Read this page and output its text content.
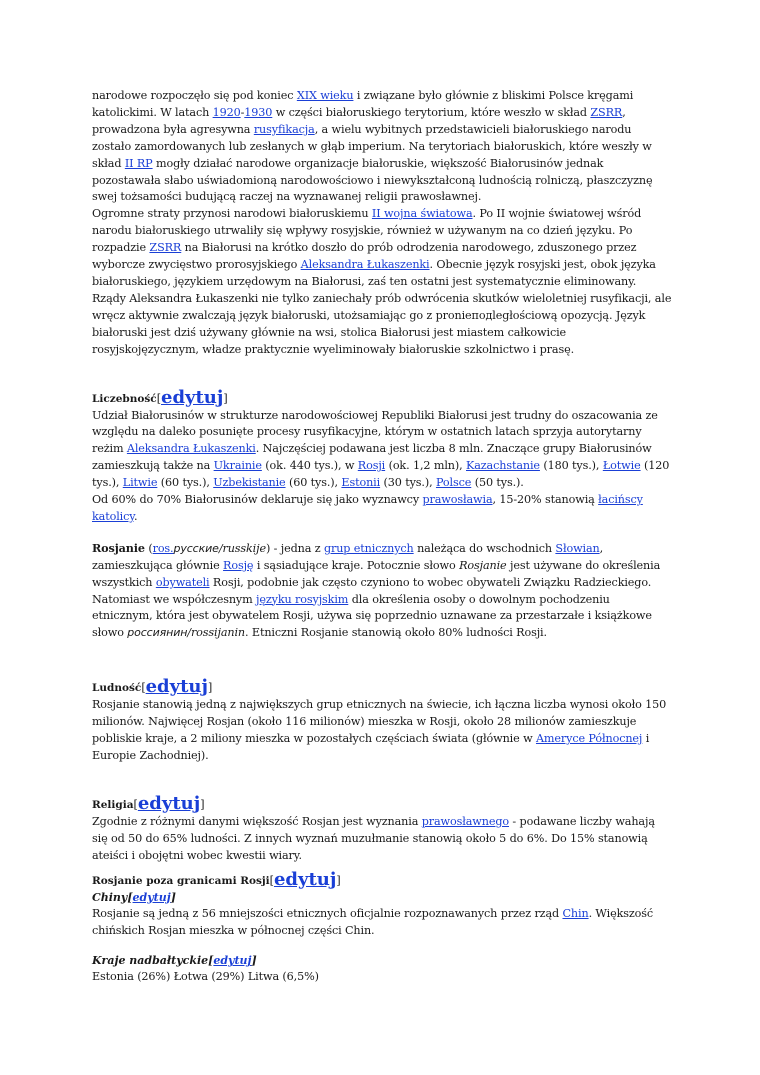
narodowe rozpoczęło się pod koniec XIX wieku i związane było głównie z bliskimi Polsce kręgami katolickimi. W latach 1920-1930 w części białoruskiego terytorium, które weszło w skład ZSRR, prowadzona była agresywna rusyfikacja, a wielu wybitnych przedstawicieli białoruskiego narodu zostało zamordowanych lub zesłanych w głąb imperium. Na terytoriach białoruskich, które weszły w skład II RP mogły działać narodowe organizacje białoruskie, większość Białorusinów jednak pozostawała słabo uświadomioną narodowościowo i niewykształconą ludnością rolniczą, płaszczyznę swej tożsamości budującą raczej na wyznawanej religii prawosławnej.

Ogromne straty przynosi narodowi białoruskiemu II wojna światowa. Po II wojnie światowej wśród narodu białoruskiego utrwaliły się wpływy rosyjskie, również w używanym na co dzień języku. Po rozpadzie ZSRR na Białorusi na krótko doszło do prób odrodzenia narodowego, zduszonego przez wyborcze zwycięstwo prorosyjskiego Aleksandra Łukaszenki. Obecnie język rosyjski jest, obok języka białoruskiego, językiem urzędowym na Białorusi, zaś ten ostatni jest systematycznie eliminowany. Rządy Aleksandra Łukaszenki nie tylko zaniechały prób odwrócenia skutków wieloletniej rusyfikacji, ale wręcz aktywnie zwalczają język białoruski, utożsamiając go z pronieподległościową opozycją. Język białoruski jest dziś używany głównie na wsi, stolica Białorusi jest miastem całkowicie rosyjskojęzycznym, władze praktycznie wyeliminowały białoruskie szkolnictwo i prasę.

Liczebność[edytuj]

Udział Białorusinów w strukturze narodowościowej Republiki Białorusi jest trudny do oszacowania ze względu na daleko posunięte procesy rusyfikacyjne, którym w ostatnich latach sprzyja autorytarny reżim Aleksandra Łukaszenki. Najczęściej podawana jest liczba 8 mln. Znaczące grupy Białorusinów zamieszkują także na Ukrainie (ok. 440 tys.), w Rosji (ok. 1,2 mln), Kazachstanie (180 tys.), Łotwie (120 tys.), Litwie (60 tys.), Uzbekistanie (60 tys.), Estonii (30 tys.), Polsce (50 tys.).

Od 60% do 70% Białorusinów deklaruje się jako wyznawcy prawosławia, 15-20% stanowią łacińscy katolicy.

Rosjanie (ros.русские/russkije) - jedna z grup etnicznych należąca do wschodnich Słowian, zamieszkująca głównie Rosję i sąsiadujące kraje. Potocznie słowo Rosjanie jest używane do określenia wszystkich obywateli Rosji, podobnie jak często czyniono to wobec obywateli Związku Radzieckiego. Natomiast we współczesnym języku rosyjskim dla określenia osoby o dowolnym pochodzeniu etnicznym, która jest obywatelem Rosji, używa się poprzednio uznawane za przestarzałe i książkowe słowo россиянин/rossijanin. Etniczni Rosjanie stanowią około 80% ludności Rosji.

Ludność[edytuj]

Rosjanie stanowią jedną z największych grup etnicznych na świecie, ich łączna liczba wynosi około 150 milionów. Najwięcej Rosjan (około 116 milionów) mieszka w Rosji, około 28 milionów zamieszkuje pobliskie kraje, a 2 miliony mieszka w pozostałych częściach świata (głównie w Ameryce Północnej i Europie Zachodniej).

Religia[edytuj]

Zgodnie z różnymi danymi większość Rosjan jest wyznania prawosławnego - podawane liczby wahają się od 50 do 65% ludności. Z innych wyznań muzułmanie stanowią około 5 do 6%. Do 15% stanowią ateiści i obojętni wobec kwestii wiary.

Rosjanie poza granicami Rosji[edytuj]
Chiny[edytuj]

Rosjanie są jedną z 56 mniejszości etnicznych oficjalnie rozpoznawanych przez rząd Chin. Większość chińskich Rosjan mieszka w północnej części Chin.

Kraje nadbałtyckie[edytuj]

Estonia (26%) Łotwa (29%) Litwa (6,5%)
